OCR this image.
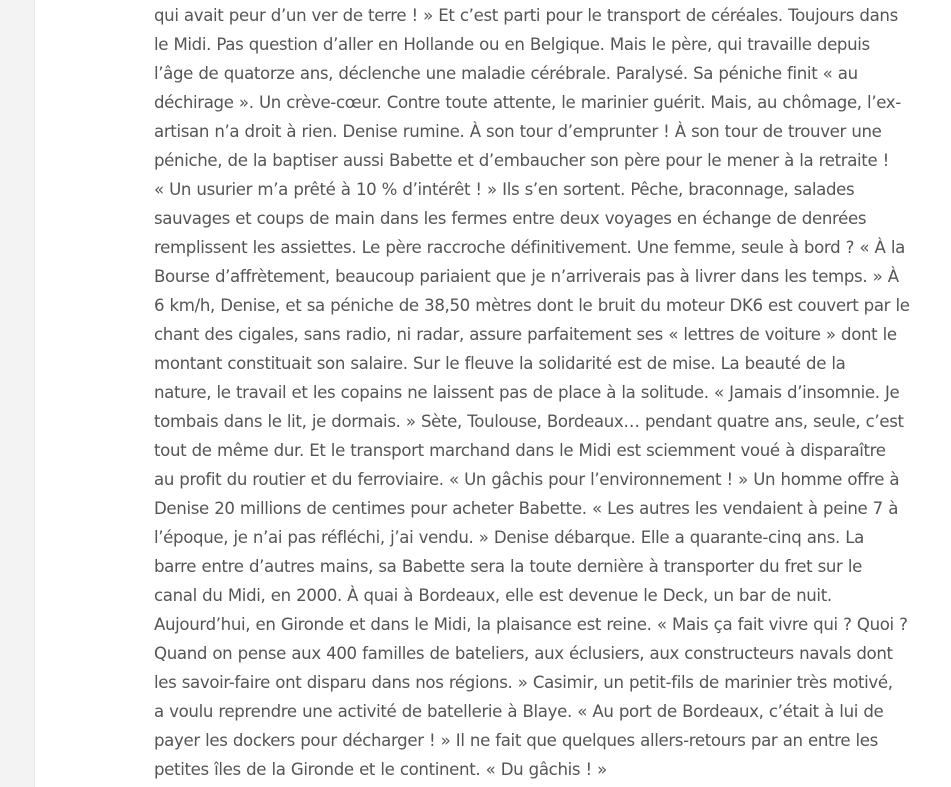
qui avait peur d’un ver de terre ! » Et c’est parti pour le transport de céréales. Toujours dans
le Midi. Pas question d’aller en Hollande ou en Belgique. Mais le père, qui travaille depuis
l’âge de quatorze ans, déclenche une maladie cérébrale. Paralysé. Sa péniche finit « au
déchirage ». Un crève-cœur. Contre toute attente, le marinier guérit. Mais, au chômage, l’ex-
artisan n’a droit à rien. Denise rumine. À son tour d’emprunter ! À son tour de trouver une
péniche, de la baptiser aussi Babette et d’embaucher son père pour le mener à la retraite !
« Un usurier m’a prêté à 10 % d’intérêt ! » Ils s’en sortent. Pêche, braconnage, salades
sauvages et coups de main dans les fermes entre deux voyages en échange de denrées
remplissent les assiettes. Le père raccroche définitivement. Une femme, seule à bord ? « À la
Bourse d’affrètement, beaucoup pariaient que je n’arriverais pas à livrer dans les temps. » À
6 km/h, Denise, et sa péniche de 38,50 mètres dont le bruit du moteur DK6 est couvert par le
chant des cigales, sans radio, ni radar, assure parfaitement ses « lettres de voiture » dont le
montant constituait son salaire. Sur le fleuve la solidarité est de mise. La beauté de la
nature, le travail et les copains ne laissent pas de place à la solitude. « Jamais d’insomnie. Je
tombais dans le lit, je dormais. » Sète, Toulouse, Bordeaux… pendant quatre ans, seule, c’est
tout de même dur. Et le transport marchand dans le Midi est sciemment voué à disparaître
au profit du routier et du ferroviaire. « Un gâchis pour l’environnement ! » Un homme offre à
Denise 20 millions de centimes pour acheter Babette. « Les autres les vendaient à peine 7 à
l’époque, je n’ai pas réfléchi, j’ai vendu. » Denise débarque. Elle a quarante-cinq ans. La
barre entre d’autres mains, sa Babette sera la toute dernière à transporter du fret sur le
canal du Midi, en 2000. À quai à Bordeaux, elle est devenue le Deck, un bar de nuit.
Aujourd’hui, en Gironde et dans le Midi, la plaisance est reine. « Mais ça fait vivre qui ? Quoi ?
Quand on pense aux 400 familles de bateliers, aux éclusiers, aux constructeurs navals dont
les savoir-faire ont disparu dans nos régions. » Casimir, un petit-fils de marinier très motivé,
a voulu reprendre une activité de batellerie à Blaye. « Au port de Bordeaux, c’était à lui de
payer les dockers pour décharger ! » Il ne fait que quelques allers-retours par an entre les
petites îles de la Gironde et le continent. « Du gâchis ! »
